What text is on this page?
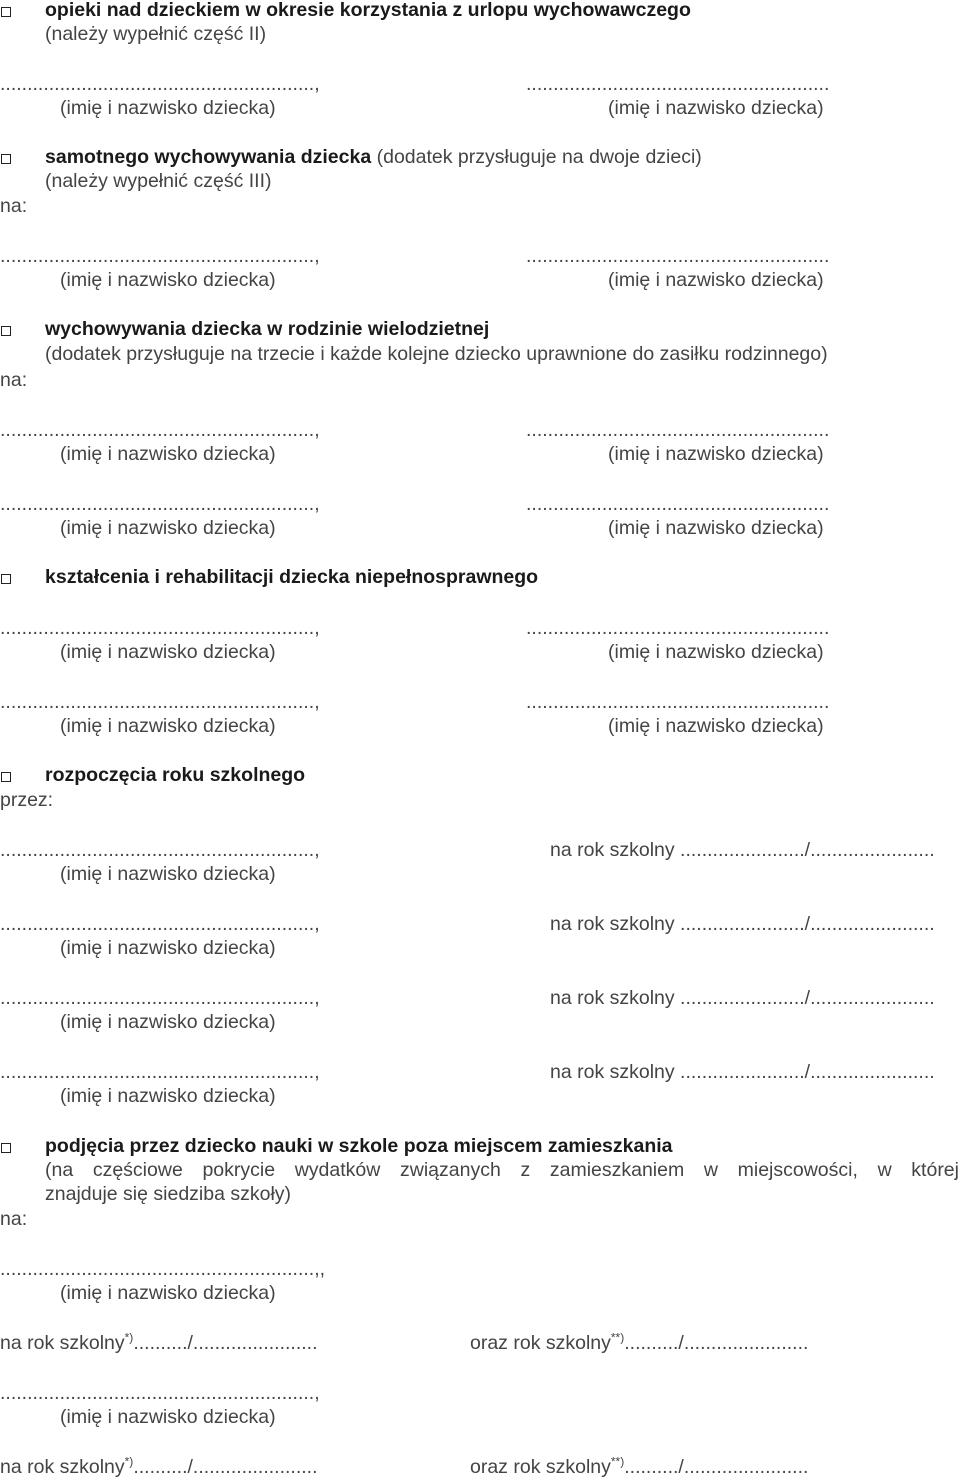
opieki nad dzieckiem w okresie korzystania z urlopu wychowawczego
(należy wypełnić część II)
..........................................................,	........................................................
(imię i nazwisko dziecka)	(imię i nazwisko dziecka)
samotnego wychowywania dziecka (dodatek przysługuje na dwoje dzieci)
(należy wypełnić część III)
na:
..........................................................,	........................................................
(imię i nazwisko dziecka)	(imię i nazwisko dziecka)
wychowywania dziecka w rodzinie wielodzietnej
(dodatek przysługuje na trzecie i każde kolejne dziecko uprawnione do zasiłku rodzinnego)
na:
..........................................................,	........................................................
(imię i nazwisko dziecka)	(imię i nazwisko dziecka)
..........................................................,	........................................................
(imię i nazwisko dziecka)	(imię i nazwisko dziecka)
kształcenia i rehabilitacji dziecka niepełnosprawnego
..........................................................,	........................................................
(imię i nazwisko dziecka)	(imię i nazwisko dziecka)
..........................................................,	........................................................
(imię i nazwisko dziecka)	(imię i nazwisko dziecka)
rozpoczęcia roku szkolnego
przez:
..........................................................,	na rok szkolny ......................./.......................
(imię i nazwisko dziecka)
..........................................................,	na rok szkolny ......................./.......................
(imię i nazwisko dziecka)
..........................................................,	na rok szkolny ......................./.......................
(imię i nazwisko dziecka)
..........................................................,	na rok szkolny ......................./.......................
(imię i nazwisko dziecka)
podjęcia przez dziecko nauki w szkole poza miejscem zamieszkania
(na częściowe pokrycie wydatków związanych z zamieszkaniem w miejscowości, w której
znajduje się siedziba szkoły)
na:
..........................................................,,
(imię i nazwisko dziecka)
na rok szkolny*)........../.......................	oraz rok szkolny**)........../.......................
..........................................................,
(imię i nazwisko dziecka)
na rok szkolny*)........../.......................	oraz rok szkolny**)........../.......................
